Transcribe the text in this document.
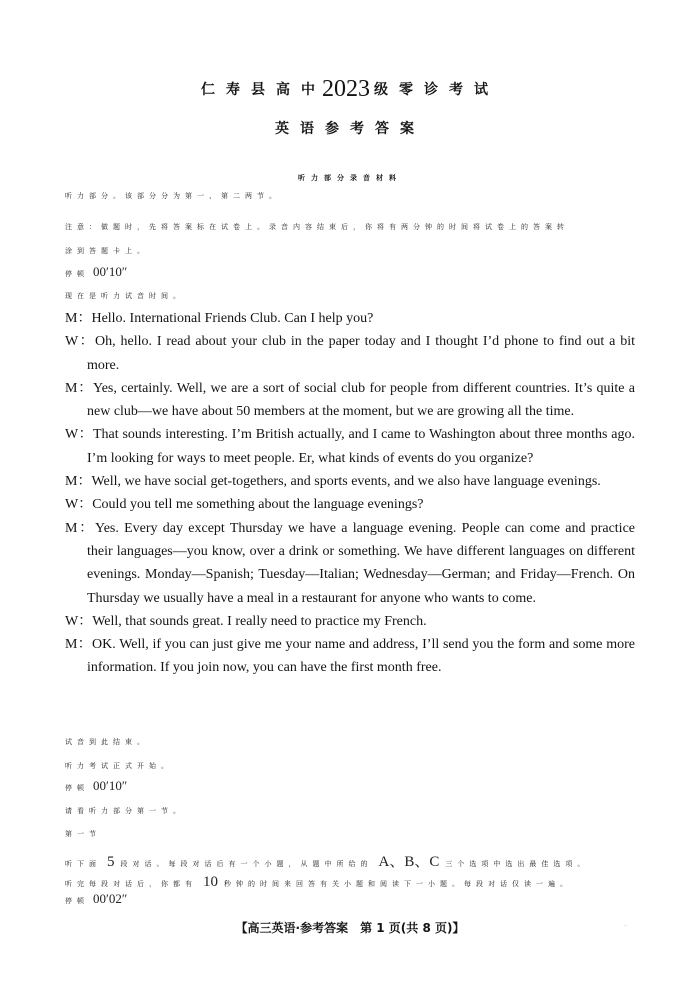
仁寿县高中2023 级零诊考试
英语参考答案
听力部分录音材料
听力部分。该部分分为第一、第二两节。
注意：做题时，先将答案标在试卷上。录音内容结束后，你将有两分钟的时间将试卷上的答案转
涂到答题卡上。
停顿 00′10″
现在是听力试音时间。

M：Hello. International Friends Club. Can I help you?

W：Oh, hello. I read about your club in the paper today and I thought I’d phone to find out a bit more.

M：Yes, certainly. Well, we are a sort of social club for people from different countries. It’s quite a new club—we have about 50 members at the moment, but we are growing all the time.

W：That sounds interesting. I’m British actually, and I came to Washington about three months ago. I’m looking for ways to meet people. Er, what kinds of events do you organize?

M：Well, we have social get-togethers, and sports events, and we also have language evenings.

W：Could you tell me something about the language evenings?

M：Yes. Every day except Thursday we have a language evening. People can come and practice their languages—you know, over a drink or something. We have different languages on different evenings. Monday—Spanish; Tuesday—Italian; Wednesday—German; and Friday—French. On Thursday we usually have a meal in a restaurant for anyone who wants to come.

W：Well, that sounds great. I really need to practice my French.

M：OK. Well, if you can just give me your name and address, I’ll send you the form and some more information. If you join now, you can have the first month free.

试音到此结束。
听力考试正式开始。
停顿 00′10″
请看听力部分第一节。
第一节
听下面 5 段对话。每段对话后有一个小题，从题中所给的 A、B、C 三个选项中选出最佳选项。
听完每段对话后，你都有 10 秒钟的时间来回答有关小题和阅读下一小题。每段对话仅读一遍。
停顿 00′02″
【高三英语·参考答案　第 1 页(共 8 页)】	..
